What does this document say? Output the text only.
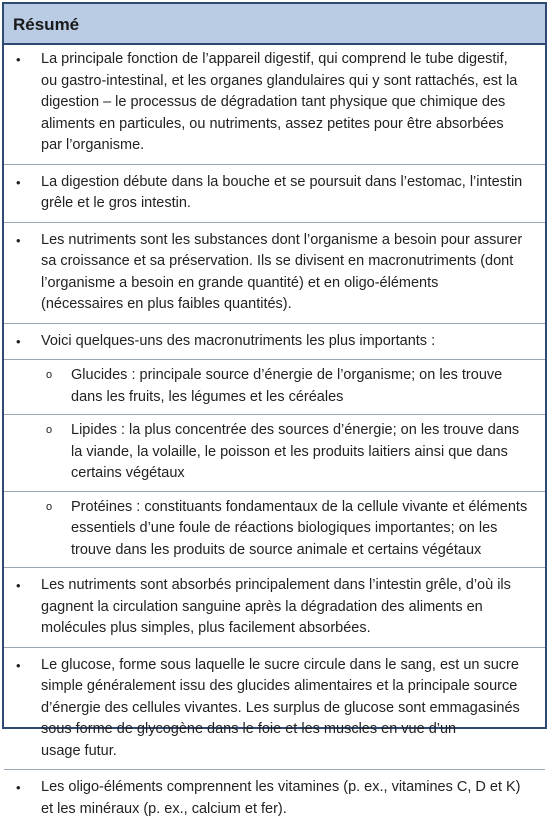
Résumé
• La principale fonction de l’appareil digestif, qui comprend le tube digestif,
ou gastro-intestinal, et les organes glandulaires qui y sont rattachés, est la
digestion – le processus de dégradation tant physique que chimique des
aliments en particules, ou nutriments, assez petites pour être absorbées
par l’organisme.
• La digestion débute dans la bouche et se poursuit dans l’estomac, l’intestin
grêle et le gros intestin.
• Les nutriments sont les substances dont l’organisme a besoin pour assurer
sa croissance et sa préservation. Ils se divisent en macronutriments (dont
l’organisme a besoin en grande quantité) et en oligo-éléments
(nécessaires en plus faibles quantités).
• Voici quelques-uns des macronutriments les plus importants :
o Glucides : principale source d’énergie de l’organisme; on les trouve
dans les fruits, les légumes et les céréales
o Lipides : la plus concentrée des sources d’énergie; on les trouve dans
la viande, la volaille, le poisson et les produits laitiers ainsi que dans
certains végétaux
o Protéines : constituants fondamentaux de la cellule vivante et éléments
essentiels d’une foule de réactions biologiques importantes; on les
trouve dans les produits de source animale et certains végétaux
• Les nutriments sont absorbés principalement dans l’intestin grêle, d’où ils
gagnent la circulation sanguine après la dégradation des aliments en
molécules plus simples, plus facilement absorbées.
• Le glucose, forme sous laquelle le sucre circule dans le sang, est un sucre
simple généralement issu des glucides alimentaires et la principale source
d’énergie des cellules vivantes. Les surplus de glucose sont emmagasinés
sous forme de glycogène dans le foie et les muscles en vue d’un
usage futur.
• Les oligo-éléments comprennent les vitamines (p. ex., vitamines C, D et K)
et les minéraux (p. ex., calcium et fer).
